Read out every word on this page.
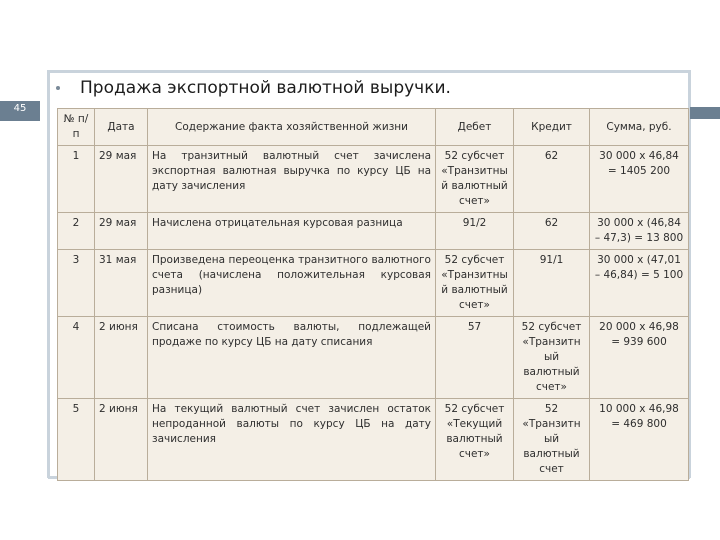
45
Продажа экспортной валютной выручки.
№ п/п	Дата	Содержание факта хозяйственной жизни	Дебет	Кредит	Сумма, руб.
1	29 мая	На транзитный валютный счет зачислена экспортная валютная выручка по курсу ЦБ на дату зачисления	52 субсчет «Транзитны й валютный счет»	62	30 000 х 46,84 = 1405 200
2	29 мая	Начислена отрицательная курсовая разница	91/2	62	30 000 х (46,84 – 47,3) = 13 800
3	31 мая	Произведена переоценка транзитного валютного счета (начислена положительная курсовая разница)	52 субсчет «Транзитны й валютный счет»	91/1	30 000 х (47,01 – 46,84) = 5 100
4	2 июня	Списана стоимость валюты, подлежащей продаже по курсу ЦБ на дату списания	57	52 субсчет «Транзитн ый валютный счет»	20 000 х 46,98 = 939 600
5	2 июня	На текущий валютный счет зачислен остаток непроданной валюты по курсу ЦБ на дату зачисления	52 субсчет «Текущий валютный счет»	52 «Транзитн ый валютный счет	10 000 х 46,98 = 469 800
